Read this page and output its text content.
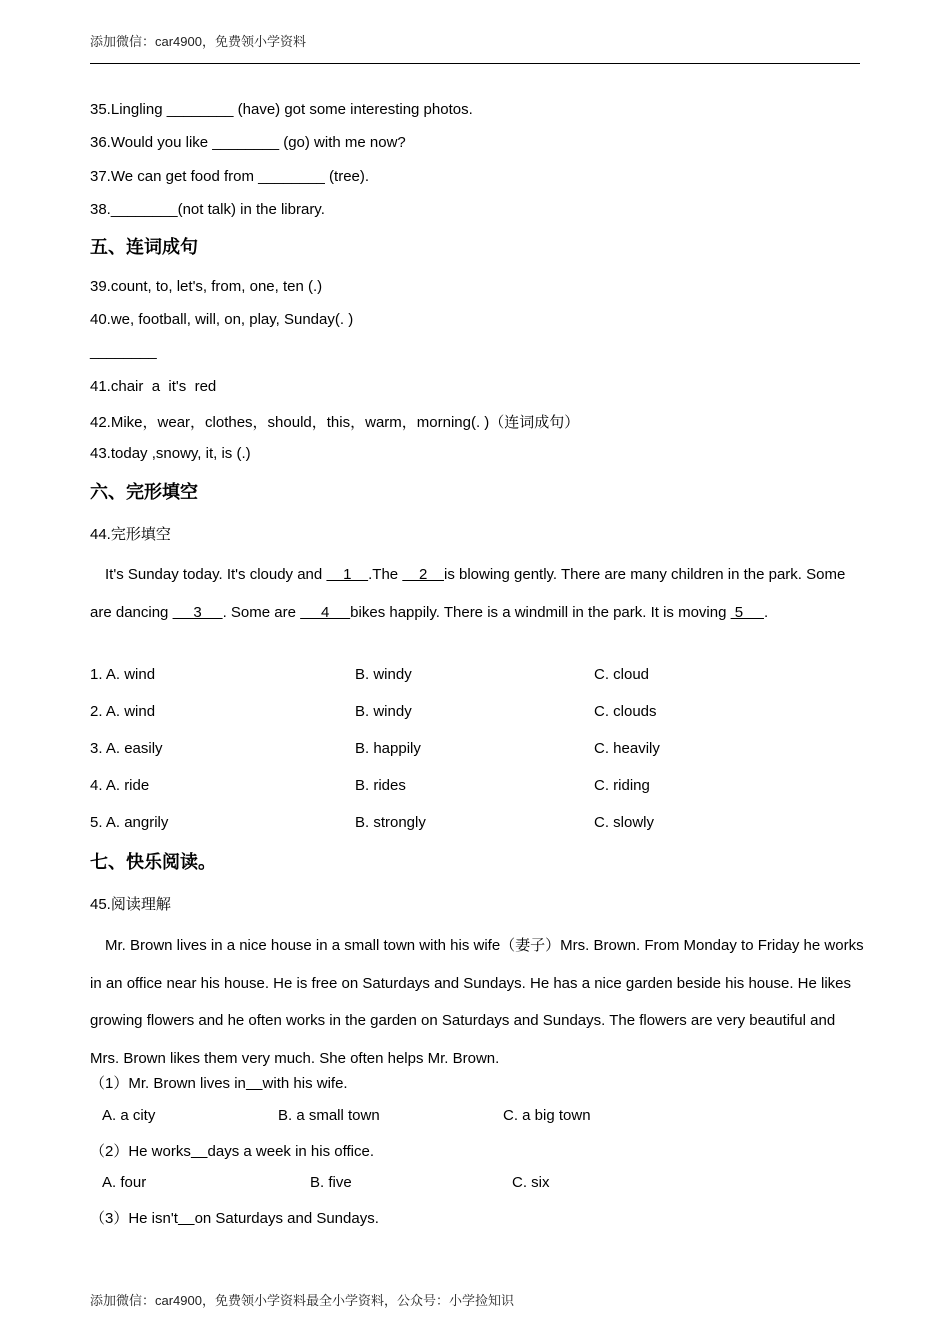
添加微信：car4900，免费领小学资料
35.Lingling ________ (have) got some interesting photos.
36.Would you like ________ (go) with me now?
37.We can get food from ________ (tree).
38.________(not talk) in the library.
五、连词成句
39.count, to, let's, from, one, ten (.)
40.we, football, will, on, play, Sunday(. )
________
41.chair  a  it's  red
42.Mike，wear，clothes，should，this，warm，morning(. )（连词成句）
43.today ,snowy, it, is (.)
六、完形填空
44.完形填空
It's Sunday today. It's cloudy and     1    .The     2    is blowing gently. There are many children in the park. Some are dancing      3     . Some are      4     bikes happily. There is a windmill in the park. It is moving  5     .
1. A. wind	B. windy	C. cloud
2. A. wind	B. windy	C. clouds
3. A. easily	B. happily	C. heavily
4. A. ride	B. rides	C. riding
5. A. angrily	B. strongly	C. slowly
七、快乐阅读。
45.阅读理解
Mr. Brown lives in a nice house in a small town with his wife（妻子）Mrs. Brown. From Monday to Friday he works in an office near his house. He is free on Saturdays and Sundays. He has a nice garden beside his house. He likes growing flowers and he often works in the garden on Saturdays and Sundays. The flowers are very beautiful and Mrs. Brown likes them very much. She often helps Mr. Brown.
（1）Mr. Brown lives in with his wife.
A. a city	B. a small town	C. a big town
（2）He works days a week in his office.
A. four	B. five	C. six
（3）He isn't on Saturdays and Sundays.
添加微信：car4900，免费领小学资料最全小学资料，公众号：小学捡知识
